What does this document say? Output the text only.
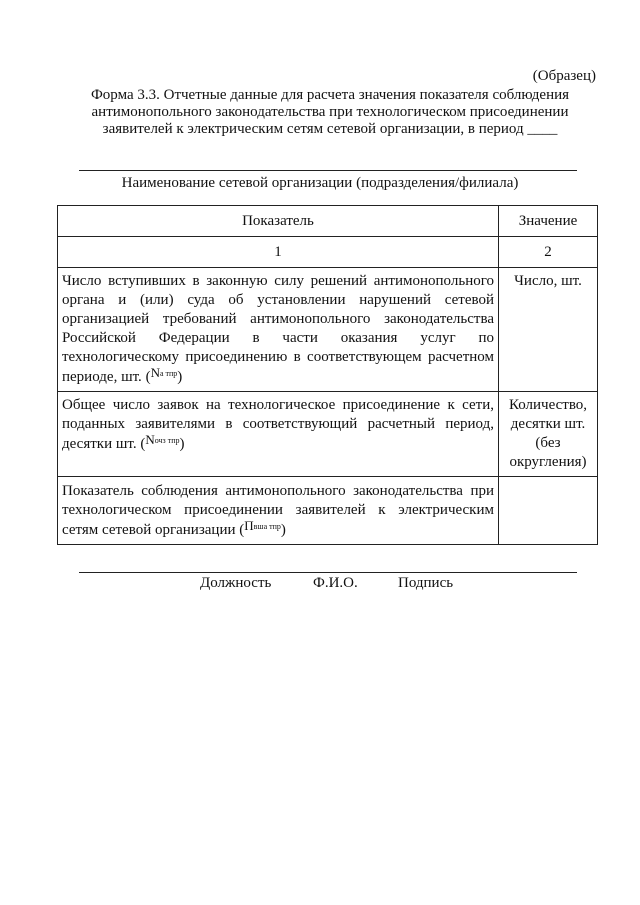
(Образец)
Форма 3.3. Отчетные данные для расчета значения показателя соблюдения
антимонопольного законодательства при технологическом присоединении
заявителей к электрическим сетям сетевой организации, в период ____
Наименование сетевой организации (подразделения/филиала)
Показатель	Значение
1	2
Число вступивших в законную силу решений антимонопольного органа и (или) суда об установлении нарушений сетевой организацией требований антимонопольного законодательства Российской Федерации в части оказания услуг по технологическому присоединению в соответствующем расчетном периоде, шт. $(N^{a тпр})$	Число, шт.
Общее число заявок на технологическое присоединение к сети, поданных заявителями в соответствующий расчетный период, десятки шт. $(N^{очз тпр})$	Количество, десятки шт. (без округления)
Показатель соблюдения антимонопольного законодательства при технологическом присоединении заявителей к электрическим сетям сетевой организации $(П^{вша тпр})$	
Должность	Ф.И.О.	Подпись
